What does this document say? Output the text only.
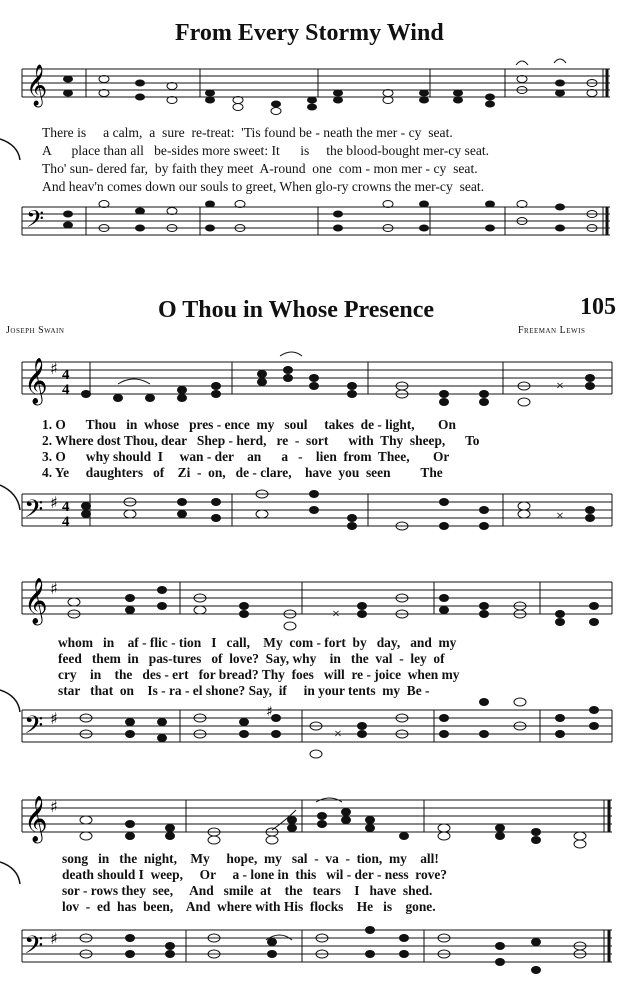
From Every Stormy Wind
𝄞
There is     a calm,  a  sure  re-treat:  'Tis found be - neath the mer - cy  seat.
A      place than all   be-sides more sweet: It      is     the blood-bought mer-cy seat.
Tho' sun- dered far,  by faith they meet  A-round  one  com - mon mer - cy  seat.
And heav'n comes down our souls to greet, When glo-ry crowns the mer-cy  seat.
𝄢
O Thou in Whose Presence	105
Joseph Swain	Freeman Lewis
𝄞 ♯ 4
4	×
1. O      Thou   in  whose   pres - ence  my   soul     takes  de - light,       On
2. Where dost Thou, dear   Shep - herd,   re  -  sort      with  Thy  sheep,      To
3. O      why should  I     wan - der    an      a   -    lien  from  Thee,       Or
4. Ye     daughters   of    Zi  -  on,   de - clare,    have  you  seen         The
𝄢 ♯ 4
4	×
𝄞 ♯
×
whom   in    af - flic - tion   I   call,    My  com - fort  by   day,   and  my
feed   them  in   pas-tures   of  love?  Say, why    in   the  val  -  ley  of
cry    in    the   des - ert   for bread? Thy  foes   will  re - joice  when my
star   that  on    Is - ra - el shone? Say,  if     in your tents  my  Be -
𝄢 ♯	♯
×
𝄞 ♯
song   in   the  night,    My     hope,  my   sal  -  va  -  tion,  my    all!
death should I  weep,     Or     a - lone in  this   wil - der - ness  rove?
sor - rows they  see,     And   smile  at    the   tears    I   have  shed.
lov  -  ed  has  been,    And  where with His  flocks    He   is    gone.
𝄢 ♯
